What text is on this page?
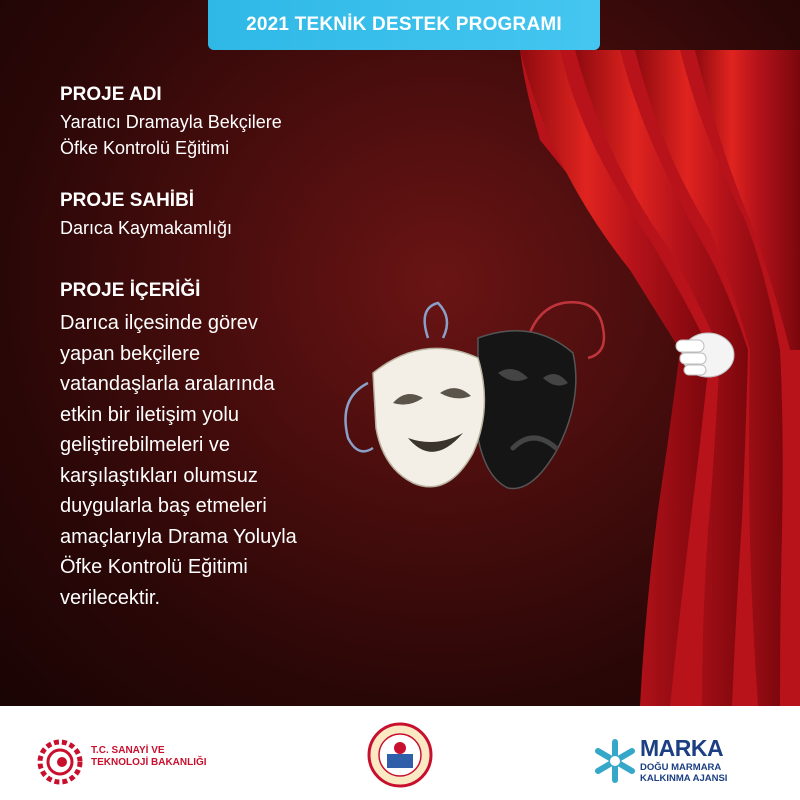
2021 TEKNİK DESTEK PROGRAMI
PROJE ADI
Yaratıcı Dramayla Bekçilere
Öfke Kontrolü Eğitimi
PROJE SAHİBİ
Darıca Kaymakamlığı
PROJE İÇERİĞİ
Darıca ilçesinde görev
yapan bekçilere
vatandaşlarla aralarında
etkin bir iletişim yolu
geliştirebilmeleri ve
karşılaştıkları olumsuz
duygularla baş etmeleri
amaçlarıyla Drama Yoluyla
Öfke Kontrolü Eğitimi
verilecektir.
T.C. SANAYİ VE
TEKNOLOJİ BAKANLIĞI
MARKA
DOĞU MARMARA
KALKINMA AJANSI
